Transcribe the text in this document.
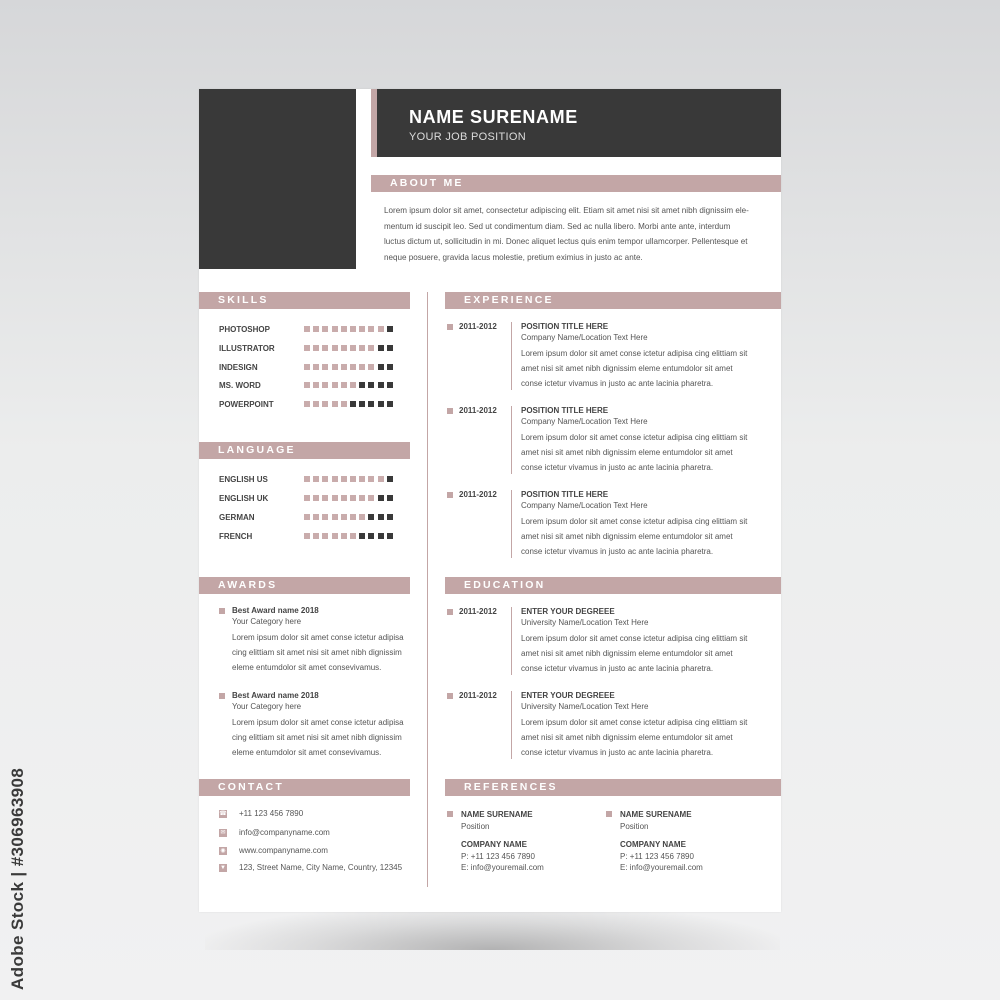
NAME SURENAME
YOUR JOB POSITION
ABOUT ME
Lorem ipsum dolor sit amet, consectetur adipiscing elit. Etiam sit amet nisi sit amet nibh dignissim ele-
mentum id suscipit leo. Sed ut condimentum diam. Sed ac nulla libero. Morbi ante ante, interdum
luctus dictum ut, sollicitudin in mi. Donec aliquet lectus quis enim tempor ullamcorper. Pellentesque et
neque posuere, gravida lacus molestie, pretium eximius in justo ac ante.
SKILLS
PHOTOSHOP
ILLUSTRATOR
INDESIGN
MS. WORD
POWERPOINT
LANGUAGE
ENGLISH US
ENGLISH UK
GERMAN
FRENCH
AWARDS
Best Award name 2018
Your Category here
Lorem ipsum dolor sit amet conse ictetur adipisa
cing elittiam sit amet nisi sit amet nibh dignissim
eleme entumdolor sit amet consevivamus.
Best Award name 2018
Your Category here
Lorem ipsum dolor sit amet conse ictetur adipisa
cing elittiam sit amet nisi sit amet nibh dignissim
eleme entumdolor sit amet consevivamus.
CONTACT
☎ +11 123 456 7890
✉ info@companyname.com
◉ www.companyname.com
▼ 123, Street Name, City Name, Country, 12345
EXPERIENCE
2011-2012	POSITION TITLE HERE
Company Name/Location Text Here
Lorem ipsum dolor sit amet conse ictetur adipisa cing elittiam sit
amet nisi sit amet nibh dignissim eleme entumdolor sit amet
conse ictetur vivamus in justo ac ante lacinia pharetra.
2011-2012	POSITION TITLE HERE
Company Name/Location Text Here
Lorem ipsum dolor sit amet conse ictetur adipisa cing elittiam sit
amet nisi sit amet nibh dignissim eleme entumdolor sit amet
conse ictetur vivamus in justo ac ante lacinia pharetra.
2011-2012	POSITION TITLE HERE
Company Name/Location Text Here
Lorem ipsum dolor sit amet conse ictetur adipisa cing elittiam sit
amet nisi sit amet nibh dignissim eleme entumdolor sit amet
conse ictetur vivamus in justo ac ante lacinia pharetra.
EDUCATION
2011-2012	ENTER YOUR DEGREEE
University Name/Location Text Here
Lorem ipsum dolor sit amet conse ictetur adipisa cing elittiam sit
amet nisi sit amet nibh dignissim eleme entumdolor sit amet
conse ictetur vivamus in justo ac ante lacinia pharetra.
2011-2012	ENTER YOUR DEGREEE
University Name/Location Text Here
Lorem ipsum dolor sit amet conse ictetur adipisa cing elittiam sit
amet nisi sit amet nibh dignissim eleme entumdolor sit amet
conse ictetur vivamus in justo ac ante lacinia pharetra.
REFERENCES
NAME SURENAME
Position
COMPANY NAME
P: +11 123 456 7890
E: info@youremail.com
NAME SURENAME
Position
COMPANY NAME
P: +11 123 456 7890
E: info@youremail.com
Adobe Stock | #306963908
